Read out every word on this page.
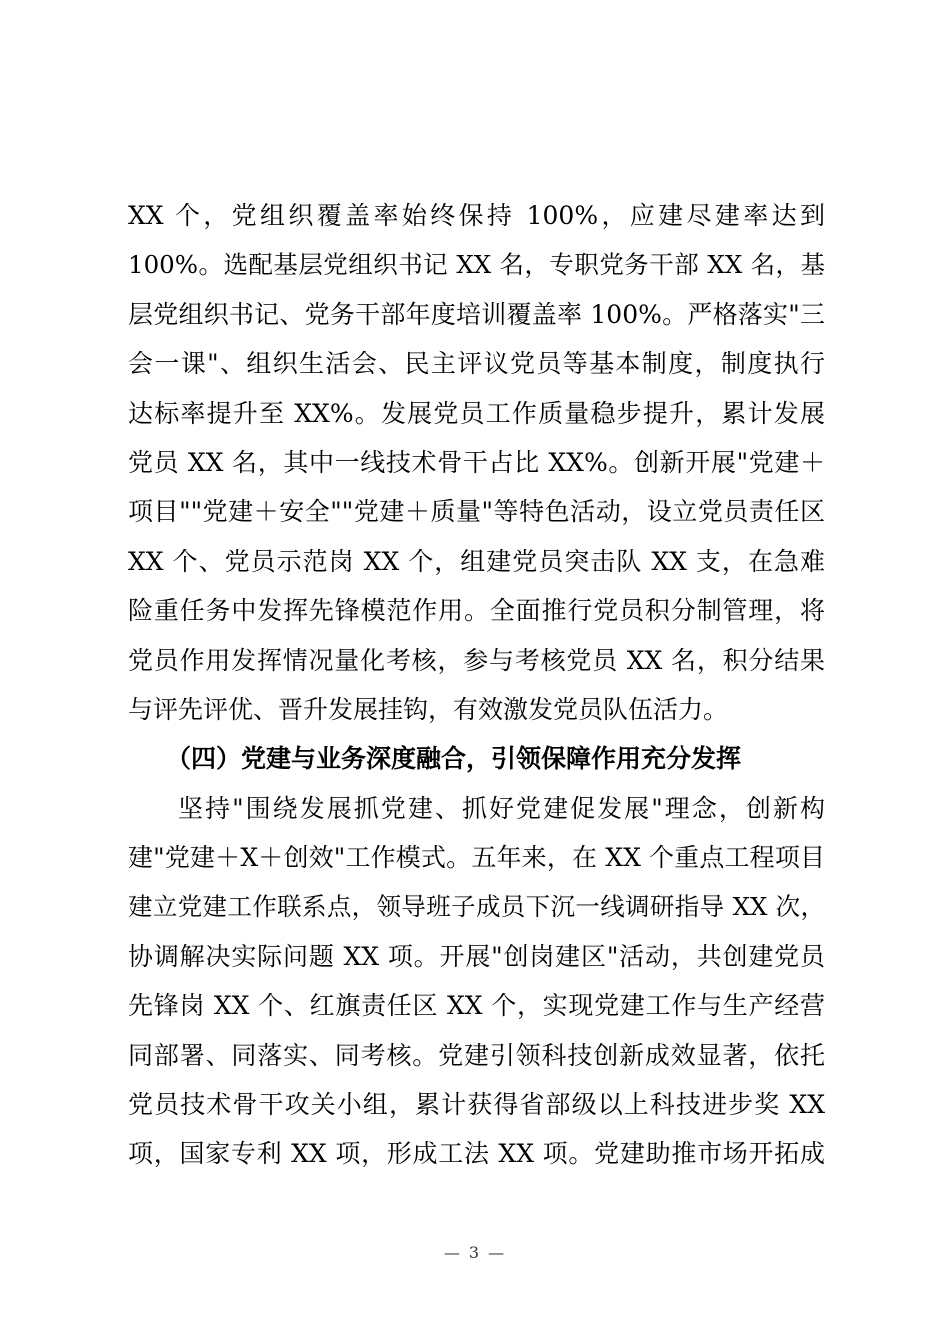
XX 个，党组织覆盖率始终保持 100%，应建尽建率达到
100%。选配基层党组织书记 XX 名，专职党务干部 XX 名，基
层党组织书记、党务干部年度培训覆盖率 100%。严格落实"三
会一课"、组织生活会、民主评议党员等基本制度，制度执行
达标率提升至 XX%。发展党员工作质量稳步提升，累计发展
党员 XX 名，其中一线技术骨干占比 XX%。创新开展"党建＋
项目""党建＋安全""党建＋质量"等特色活动，设立党员责任区
XX 个、党员示范岗 XX 个，组建党员突击队 XX 支，在急难
险重任务中发挥先锋模范作用。全面推行党员积分制管理，将
党员作用发挥情况量化考核，参与考核党员 XX 名，积分结果
与评先评优、晋升发展挂钩，有效激发党员队伍活力。
（四）党建与业务深度融合，引领保障作用充分发挥
坚持"围绕发展抓党建、抓好党建促发展"理念，创新构
建"党建＋X＋创效"工作模式。五年来，在 XX 个重点工程项目
建立党建工作联系点，领导班子成员下沉一线调研指导 XX 次，
协调解决实际问题 XX 项。开展"创岗建区"活动，共创建党员
先锋岗 XX 个、红旗责任区 XX 个，实现党建工作与生产经营
同部署、同落实、同考核。党建引领科技创新成效显著，依托
党员技术骨干攻关小组，累计获得省部级以上科技进步奖 XX
项，国家专利 XX 项，形成工法 XX 项。党建助推市场开拓成
— 3 —
